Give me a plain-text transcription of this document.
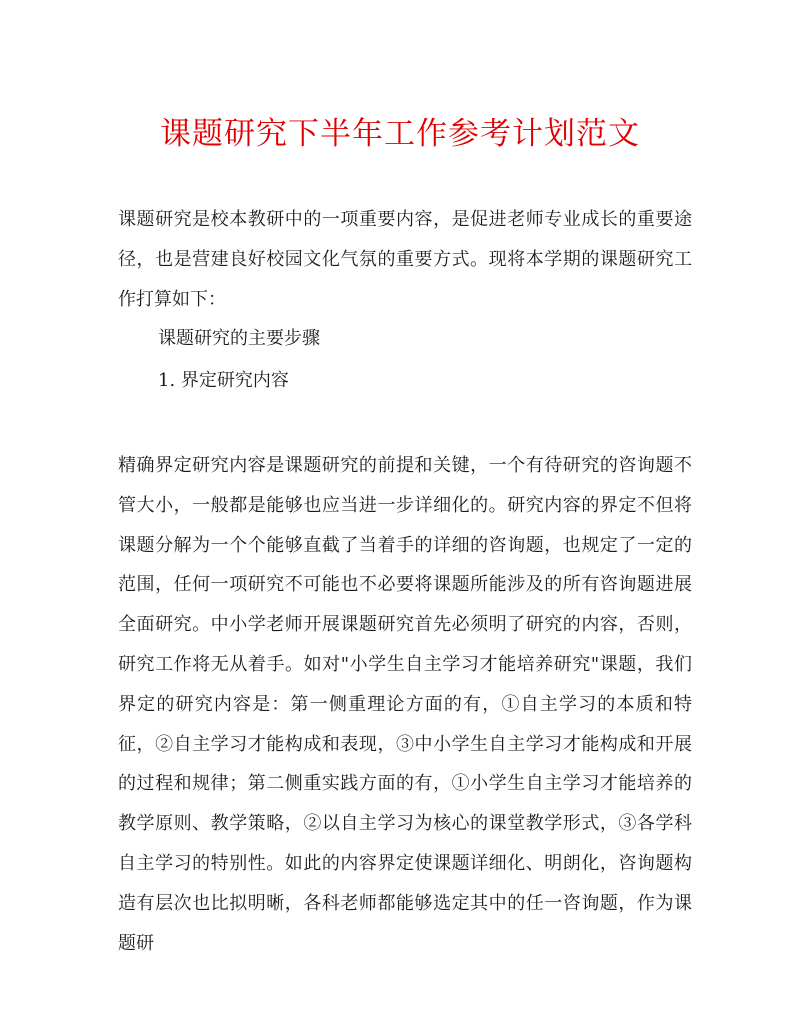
课题研究下半年工作参考计划范文

课题研究是校本教研中的一项重要内容，是促进老师专业成长的重要途径，也是营建良好校园文化气氛的重要方式。现将本学期的课题研究工作打算如下：

课题研究的主要步骤

1. 界定研究内容

精确界定研究内容是课题研究的前提和关键，一个有待研究的咨询题不管大小，一般都是能够也应当进一步详细化的。研究内容的界定不但将课题分解为一个个能够直截了当着手的详细的咨询题，也规定了一定的范围，任何一项研究不可能也不必要将课题所能涉及的所有咨询题进展全面研究。中小学老师开展课题研究首先必须明了研究的内容，否则，研究工作将无从着手。如对"小学生自主学习才能培养研究"课题，我们界定的研究内容是：第一侧重理论方面的有，①自主学习的本质和特征，②自主学习才能构成和表现，③中小学生自主学习才能构成和开展的过程和规律；第二侧重实践方面的有，①小学生自主学习才能培养的教学原则、教学策略，②以自主学习为核心的课堂教学形式，③各学科自主学习的特别性。如此的内容界定使课题详细化、明朗化，咨询题构造有层次也比拟明晰，各科老师都能够选定其中的任一咨询题，作为课题研
